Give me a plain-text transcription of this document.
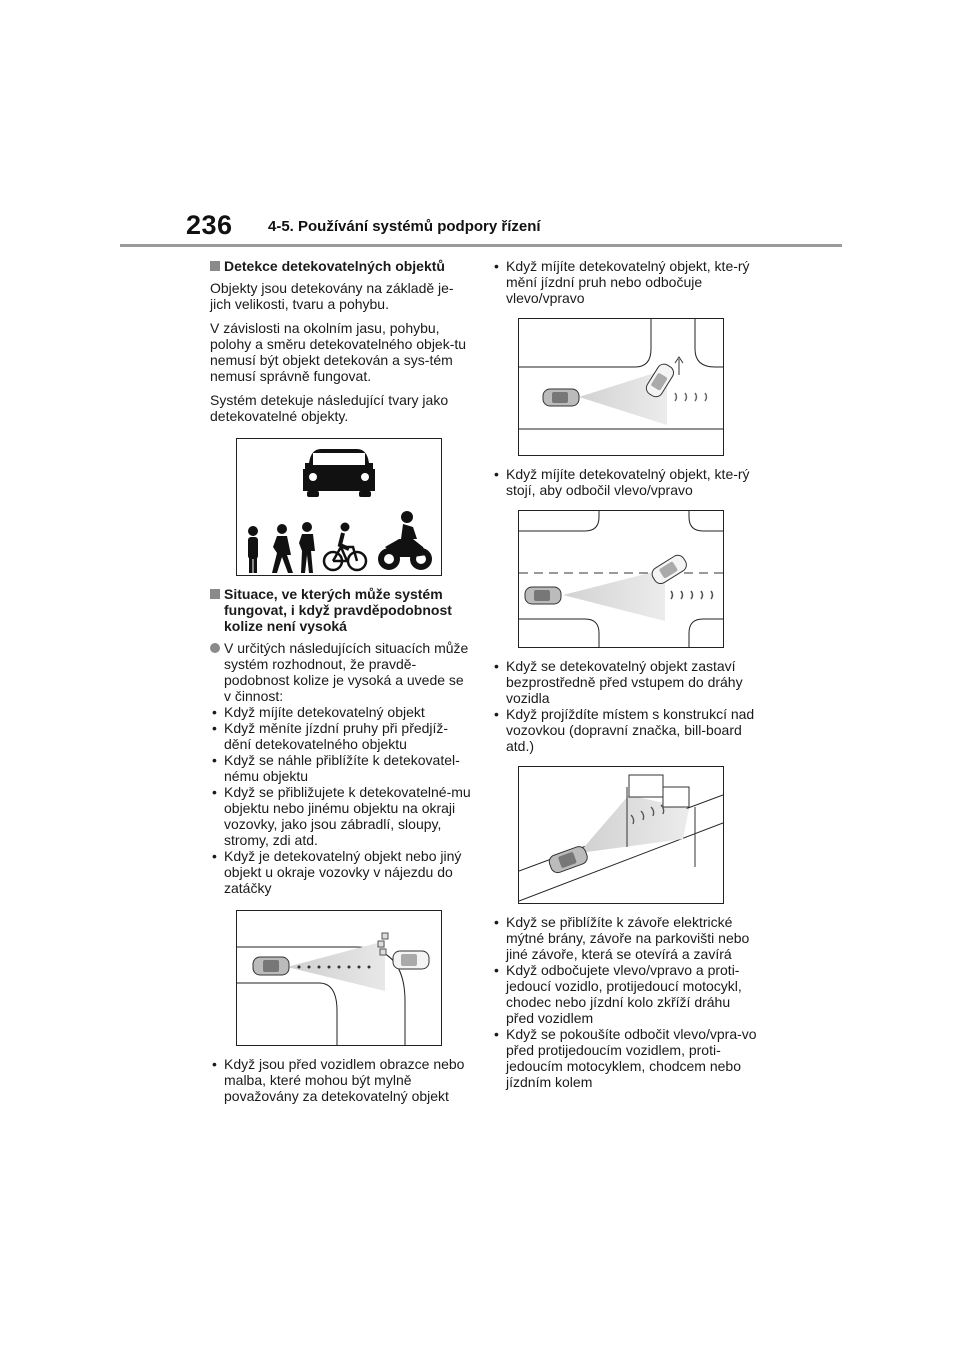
236 4-5. Používání systémů podpory řízení
Detekce detekovatelných objektů

Objekty jsou detekovány na základě je-jich velikosti, tvaru a pohybu.

V závislosti na okolním jasu, pohybu, polohy a směru detekovatelného objek-tu nemusí být objekt detekován a sys-tém nemusí správně fungovat.

Systém detekuje následující tvary jako detekovatelné objekty.

Situace, ve kterých může systém fungovat, i když pravděpodobnost kolize není vysoká
V určitých následujících situacích může systém rozhodnout, že pravdě-podobnost kolize je vysoká a uvede se v činnost:
• Když míjíte detekovatelný objekt
• Když měníte jízdní pruhy při předjíž-dění detekovatelného objektu
• Když se náhle přiblížíte k detekovatel-nému objektu
• Když se přibližujete k detekovatelné-mu objektu nebo jinému objektu na okraji vozovky, jako jsou zábradlí, sloupy, stromy, zdi atd.
• Když je detekovatelný objekt nebo jiný objekt u okraje vozovky v nájezdu do zatáčky
• Když jsou před vozidlem obrazce nebo malba, které mohou být mylně považovány za detekovatelný objekt
• Když míjíte detekovatelný objekt, kte-rý mění jízdní pruh nebo odbočuje vlevo/vpravo
• Když míjíte detekovatelný objekt, kte-rý stojí, aby odbočil vlevo/vpravo
• Když se detekovatelný objekt zastaví bezprostředně před vstupem do dráhy vozidla
• Když projíždíte místem s konstrukcí nad vozovkou (dopravní značka, bill-board atd.)
• Když se přiblížíte k závoře elektrické mýtné brány, závoře na parkovišti nebo jiné závoře, která se otevírá a zavírá
• Když odbočujete vlevo/vpravo a proti-jedoucí vozidlo, protijedoucí motocykl, chodec nebo jízdní kolo zkříží dráhu před vozidlem
• Když se pokoušíte odbočit vlevo/vpra-vo před protijedoucím vozidlem, proti-jedoucím motocyklem, chodcem nebo jízdním kolem
